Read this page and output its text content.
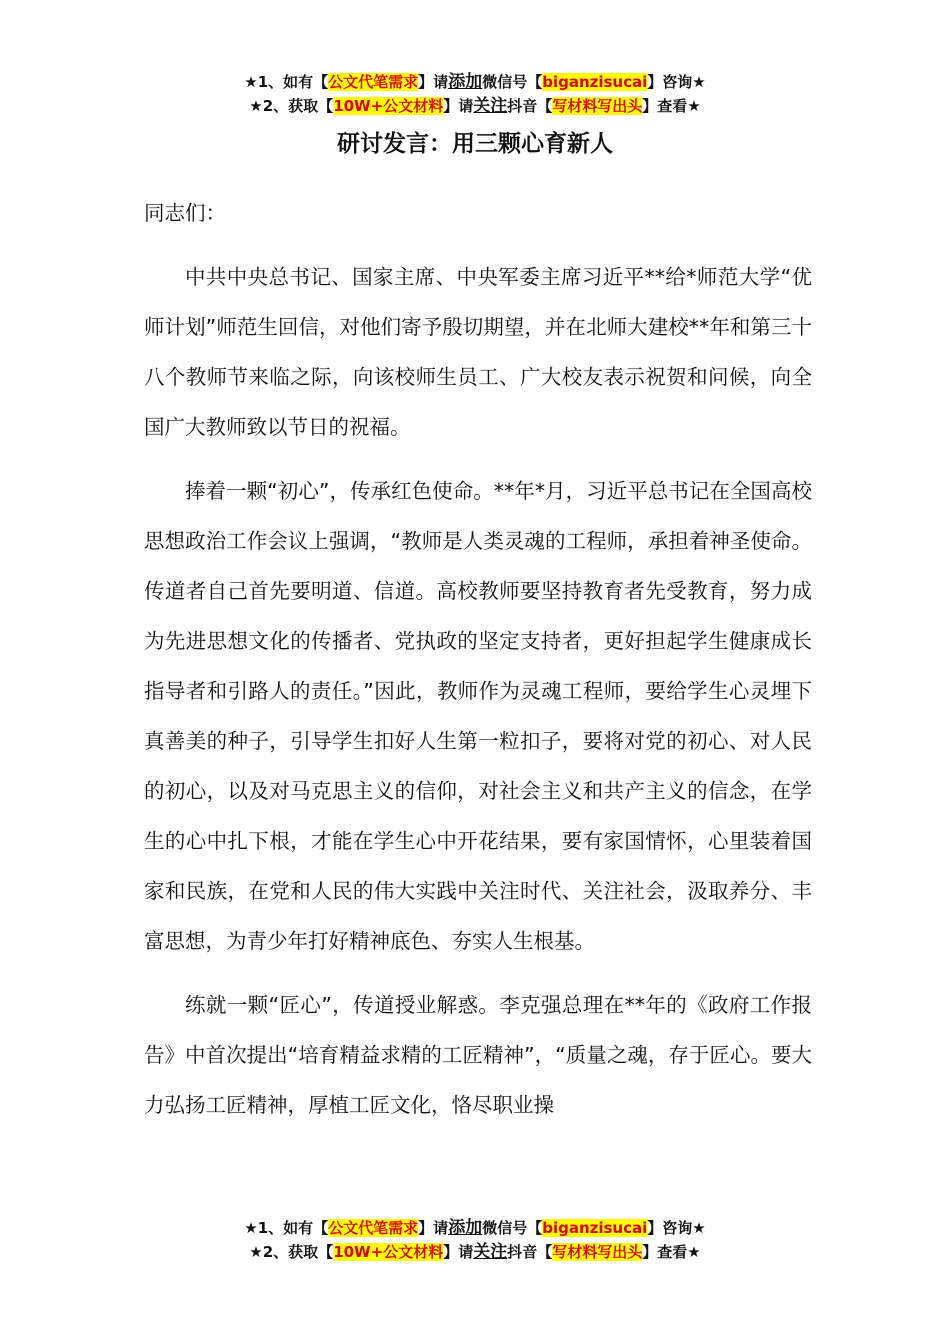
★1、如有【公文代笔需求】请添加微信号【biganzisucai】咨询★
★2、获取【10W+公文材料】请关注抖音【写材料写出头】查看★
研讨发言：用三颗心育新人

同志们：

中共中央总书记、国家主席、中央军委主席习近平**给*师范大学“优师计划”师范生回信，对他们寄予殷切期望，并在北师大建校**年和第三十八个教师节来临之际，向该校师生员工、广大校友表示祝贺和问候，向全国广大教师致以节日的祝福。

捧着一颗“初心”，传承红色使命。**年*月，习近平总书记在全国高校思想政治工作会议上强调，“教师是人类灵魂的工程师，承担着神圣使命。传道者自己首先要明道、信道。高校教师要坚持教育者先受教育，努力成为先进思想文化的传播者、党执政的坚定支持者，更好担起学生健康成长指导者和引路人的责任。”因此，教师作为灵魂工程师，要给学生心灵埋下真善美的种子，引导学生扣好人生第一粒扣子，要将对党的初心、对人民的初心，以及对马克思主义的信仰，对社会主义和共产主义的信念，在学生的心中扎下根，才能在学生心中开花结果，要有家国情怀，心里装着国家和民族，在党和人民的伟大实践中关注时代、关注社会，汲取养分、丰富思想，为青少年打好精神底色、夯实人生根基。

练就一颗“匠心”，传道授业解惑。李克强总理在**年的《政府工作报告》中首次提出“培育精益求精的工匠精神”，“质量之魂，存于匠心。要大力弘扬工匠精神，厚植工匠文化，恪尽职业操

★1、如有【公文代笔需求】请添加微信号【biganzisucai】咨询★
★2、获取【10W+公文材料】请关注抖音【写材料写出头】查看★
